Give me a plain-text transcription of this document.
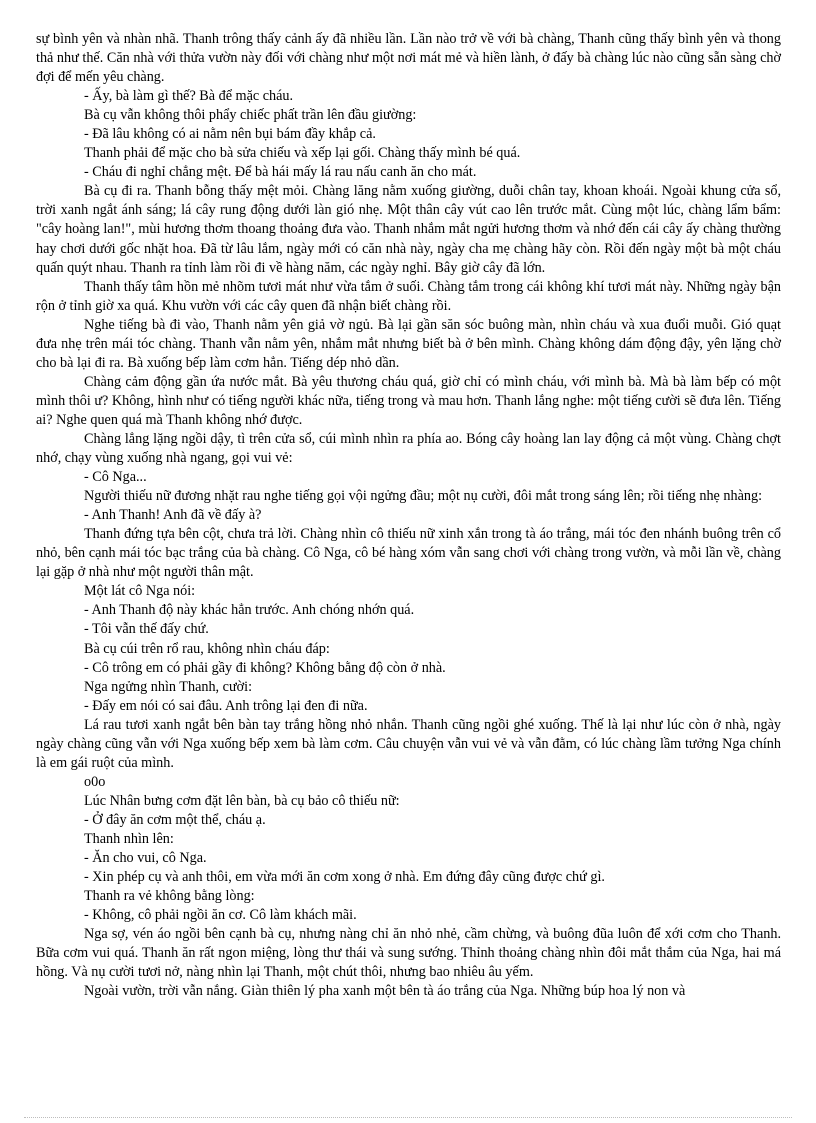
sự bình yên và nhàn nhã. Thanh trông thấy cảnh ấy đã nhiều lần. Lần nào trở về với bà chàng, Thanh cũng thấy bình yên và thong thả như thế. Căn nhà với thửa vườn này đối với chàng như một nơi mát mẻ và hiền lành, ở đấy bà chàng lúc nào cũng sẵn sàng chờ đợi để mến yêu chàng.

- Ấy, bà làm gì thế? Bà để mặc cháu.

Bà cụ vẫn không thôi phẩy chiếc phất trần lên đầu giường:

- Đã lâu không có ai nằm nên bụi bám đầy khắp cả.

Thanh phải để mặc cho bà sửa chiếu và xếp lại gối. Chàng thấy mình bé quá.

- Cháu đi nghỉ chẳng mệt. Để bà hái mấy lá rau nấu canh ăn cho mát.

Bà cụ đi ra. Thanh bỗng thấy mệt mỏi. Chàng lăng nằm xuống giường, duỗi chân tay, khoan khoái. Ngoài khung cửa sổ, trời xanh ngắt ánh sáng; lá cây rung động dưới làn gió nhẹ. Một thân cây vút cao lên trước mắt. Cùng một lúc, chàng lẩm bẩm: "cây hoàng lan!", mùi hương thơm thoang thoảng đưa vào. Thanh nhắm mắt ngửi hương thơm và nhớ đến cái cây ấy chàng thường hay chơi dưới gốc nhặt hoa. Đã từ lâu lắm, ngày mới có căn nhà này, ngày cha mẹ chàng hãy còn. Rồi đến ngày một bà một cháu quấn quýt nhau. Thanh ra tỉnh làm rồi đi về hàng năm, các ngày nghỉ. Bây giờ cây đã lớn.

Thanh thấy tâm hồn mẻ nhõm tươi mát như vừa tắm ở suối. Chàng tắm trong cái không khí tươi mát này. Những ngày bận rộn ở tỉnh giờ xa quá. Khu vườn với các cây quen đã nhận biết chàng rồi.

Nghe tiếng bà đi vào, Thanh nằm yên giả vờ ngủ. Bà lại gần săn sóc buông màn, nhìn cháu và xua đuổi muỗi. Gió quạt đưa nhẹ trên mái tóc chàng. Thanh vẫn nằm yên, nhắm mắt nhưng biết bà ở bên mình. Chàng không dám động đậy, yên lặng chờ cho bà lại đi ra. Bà xuống bếp làm cơm hẳn. Tiếng dép nhỏ dần.

Chàng cảm động gần ứa nước mắt. Bà yêu thương cháu quá, giờ chỉ có mình cháu, với mình bà. Mà bà làm bếp có một mình thôi ư? Không, hình như có tiếng người khác nữa, tiếng trong và mau hơn. Thanh lắng nghe: một tiếng cười sẽ đưa lên. Tiếng ai? Nghe quen quá mà Thanh không nhớ được.

Chàng lẳng lặng ngồi dậy, tì trên cửa sổ, cúi mình nhìn ra phía ao. Bóng cây hoàng lan lay động cả một vùng. Chàng chợt nhớ, chạy vùng xuống nhà ngang, gọi vui vẻ:

- Cô Nga...

Người thiếu nữ đương nhặt rau nghe tiếng gọi vội ngửng đầu; một nụ cười, đôi mắt trong sáng lên; rồi tiếng nhẹ nhàng:

- Anh Thanh! Anh đã về đấy à?

Thanh đứng tựa bên cột, chưa trả lời. Chàng nhìn cô thiếu nữ xinh xắn trong tà áo trắng, mái tóc đen nhánh buông trên cổ nhỏ, bên cạnh mái tóc bạc trắng của bà chàng. Cô Nga, cô bé hàng xóm vẫn sang chơi với chàng trong vườn, và mỗi lần về, chàng lại gặp ở nhà như một người thân mật.

Một lát cô Nga nói:

- Anh Thanh độ này khác hẳn trước. Anh chóng nhớn quá.

- Tôi vẫn thế đấy chứ.

Bà cụ cúi trên rổ rau, không nhìn cháu đáp:

- Cô trông em có phải gầy đi không? Không bằng độ còn ở nhà.

Nga ngửng nhìn Thanh, cười:

- Đấy em nói có sai đâu. Anh trông lại đen đi nữa.

Lá rau tươi xanh ngắt bên bàn tay trắng hồng nhỏ nhắn. Thanh cũng ngồi ghé xuống. Thế là lại như lúc còn ở nhà, ngày ngày chàng cũng vẫn với Nga xuống bếp xem bà làm cơm. Câu chuyện vẫn vui vẻ và vẫn đằm, có lúc chàng lầm tưởng Nga chính là em gái ruột của mình.

o0o

Lúc Nhân bưng cơm đặt lên bàn, bà cụ bảo cô thiếu nữ:

- Ở đây ăn cơm một thể, cháu ạ.

Thanh nhìn lên:

- Ăn cho vui, cô Nga.

- Xin phép cụ và anh thôi, em vừa mới ăn cơm xong ở nhà. Em đứng đây cũng được chứ gì.

Thanh ra vẻ không bằng lòng:

- Không, cô phải ngồi ăn cơ. Cô làm khách mãi.

Nga sợ, vén áo ngồi bên cạnh bà cụ, nhưng nàng chỉ ăn nhỏ nhẻ, cầm chừng, và buông đũa luôn để xới cơm cho Thanh. Bữa cơm vui quá. Thanh ăn rất ngon miệng, lòng thư thái và sung sướng. Thỉnh thoảng chàng nhìn đôi mắt thắm của Nga, hai má hồng. Và nụ cười tươi nở, nàng nhìn lại Thanh, một chút thôi, nhưng bao nhiêu âu yếm.

Ngoài vườn, trời vẫn nắng. Giàn thiên lý pha xanh một bên tà áo trắng của Nga. Những búp hoa lý non và
